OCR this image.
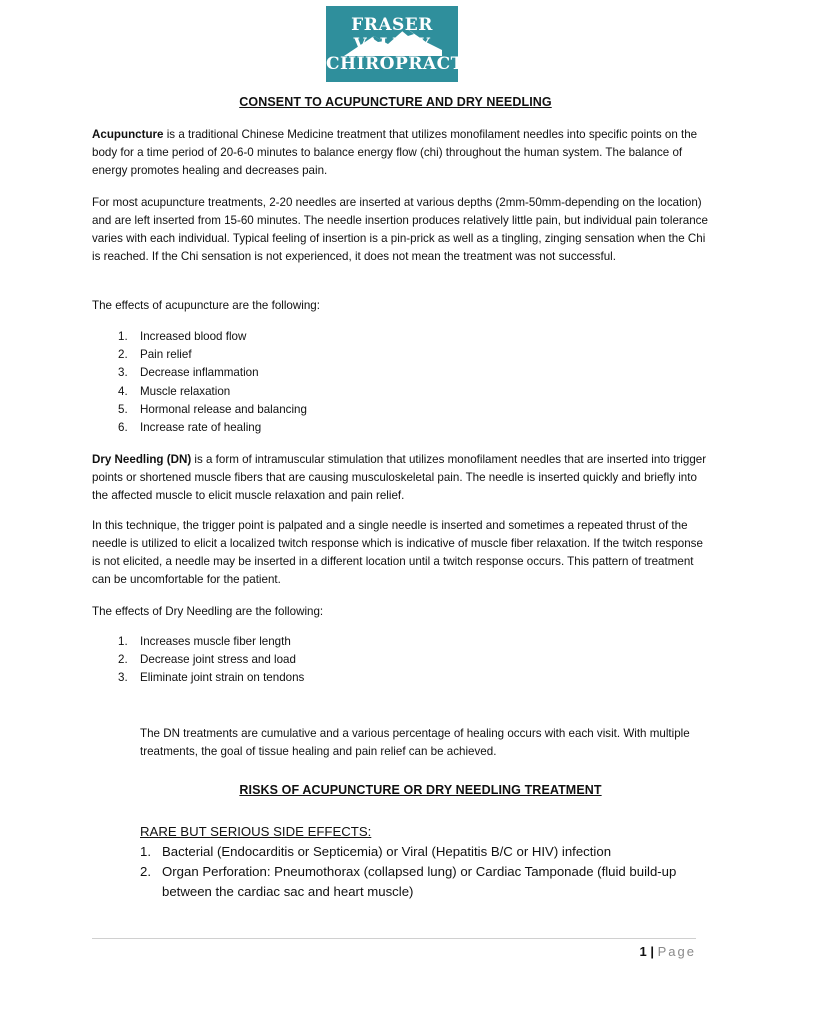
FRASER VALLEY
CHIROPRACTIC
CONSENT TO ACUPUNCTURE AND DRY NEEDLING
Acupuncture is a traditional Chinese Medicine treatment that utilizes monofilament needles into specific points on the body for a time period of 20-6-0 minutes to balance energy flow (chi) throughout the human system. The balance of energy promotes healing and decreases pain.
For most acupuncture treatments, 2-20 needles are inserted at various depths (2mm-50mm-depending on the location) and are left inserted from 15-60 minutes. The needle insertion produces relatively little pain, but individual pain tolerance varies with each individual. Typical feeling of insertion is a pin-prick as well as a tingling, zinging sensation when the Chi is reached. If the Chi sensation is not experienced, it does not mean the treatment was not successful.
The effects of acupuncture are the following:
1.	Increased blood flow
2.	Pain relief
3.	Decrease inflammation
4.	Muscle relaxation
5.	Hormonal release and balancing
6.	Increase rate of healing
Dry Needling (DN) is a form of intramuscular stimulation that utilizes monofilament needles that are inserted into trigger points or shortened muscle fibers that are causing musculoskeletal pain. The needle is inserted quickly and briefly into the affected muscle to elicit muscle relaxation and pain relief.
In this technique, the trigger point is palpated and a single needle is inserted and sometimes a repeated thrust of the needle is utilized to elicit a localized twitch response which is indicative of muscle fiber relaxation. If the twitch response is not elicited, a needle may be inserted in a different location until a twitch response occurs. This pattern of treatment can be uncomfortable for the patient.
The effects of Dry Needling are the following:
1.	Increases muscle fiber length
2.	Decrease joint stress and load
3.	Eliminate joint strain on tendons
The DN treatments are cumulative and a various percentage of healing occurs with each visit. With multiple treatments, the goal of tissue healing and pain relief can be achieved.
RISKS OF ACUPUNCTURE OR DRY NEEDLING TREATMENT
RARE BUT SERIOUS SIDE EFFECTS:
1. Bacterial (Endocarditis or Septicemia) or Viral (Hepatitis B/C or HIV) infection
2. Organ Perforation: Pneumothorax (collapsed lung) or Cardiac Tamponade (fluid build-up between the cardiac sac and heart muscle)
1 | Page
